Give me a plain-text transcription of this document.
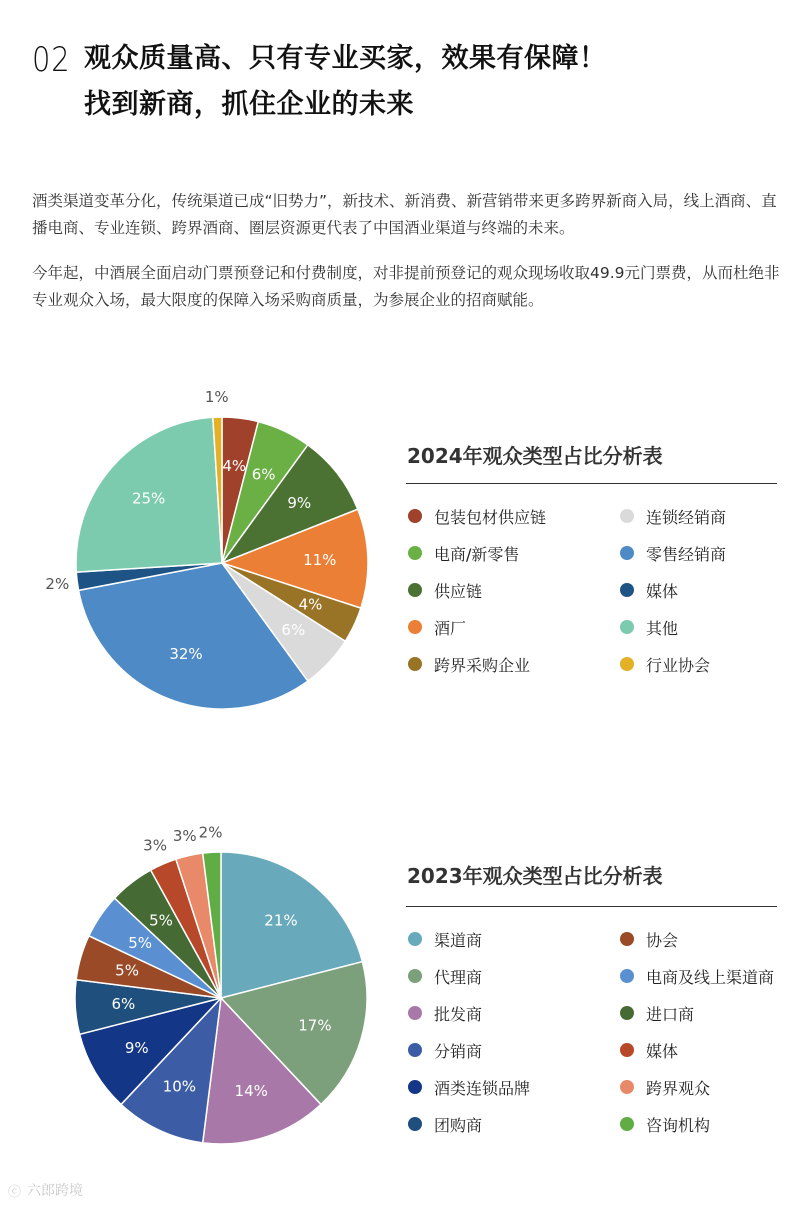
02 观众质量高、只有专业买家，效果有保障！
找到新商，抓住企业的未来
酒类渠道变革分化，传统渠道已成“旧势力”，新技术、新消费、新营销带来更多跨界新商入局，线上酒商、直播电商、专业连锁、跨界酒商、圈层资源更代表了中国酒业渠道与终端的未来。
今年起，中酒展全面启动门票预登记和付费制度，对非提前预登记的观众现场收取49.9元门票费，从而杜绝非专业观众入场，最大限度的保障入场采购商质量，为参展企业的招商赋能。
4% 6%
9%
11%
4%
6%
32%
2%
25%
1%
2024年观众类型占比分析表
包装包材供应链	连锁经销商
电商/新零售	零售经销商
供应链	媒体
酒厂	其他
跨界采购企业	行业协会
21%
17%
14%
10%
9%
6%
5%
5%
5%
3%
3% 2%
2023年观众类型占比分析表
渠道商	协会
代理商	电商及线上渠道商
批发商	进口商
分销商	媒体
酒类连锁品牌	跨界观众
团购商	咨询机构
ⓒ 六郎跨境
